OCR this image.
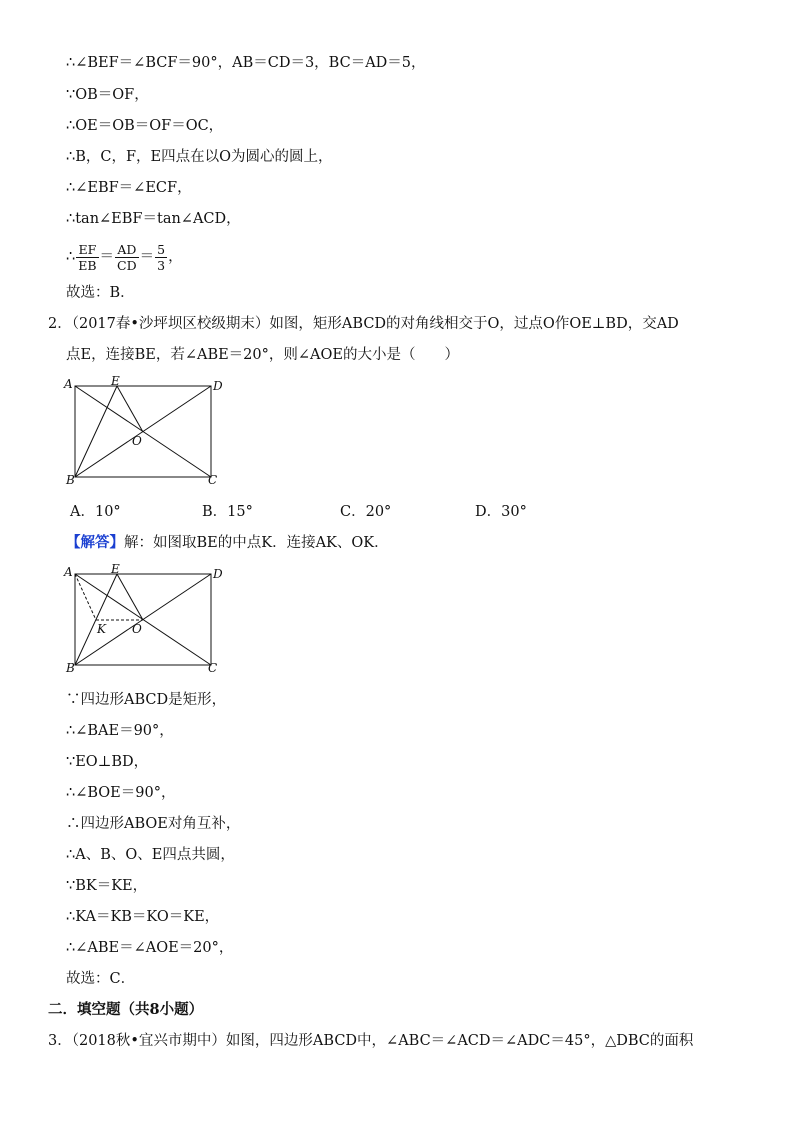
∴∠BEF＝∠BCF＝90°，AB＝CD＝3，BC＝AD＝5，
∵OB＝OF，
∴OE＝OB＝OF＝OC，
∴B，C，F，E四点在以O为圆心的圆上，
∴∠EBF＝∠ECF，
∴tan∠EBF＝tan∠ACD，
∴ $\frac{EF}{EB} = \frac{AD}{CD} = \frac{5}{3}$ ，
故选：B．
2．（2017春•沙坪坝区校级期末）如图，矩形ABCD的对角线相交于O，过点O作OE⊥BD，交AD
点E，连接BE，若∠ABE＝20°，则∠AOE的大小是（　　）
A	E	D
O
B	C
A．10°	B．15°	C．20°	D．30°
【解答】解：如图取BE的中点K．连接AK、OK．
A	E	D
O
K
B	C
∵四边形ABCD是矩形，
∴∠BAE＝90°，
∵EO⊥BD，
∴∠BOE＝90°，
∴四边形ABOE对角互补，
∴A、B、O、E四点共圆，
∵BK＝KE，
∴KA＝KB＝KO＝KE，
∴∠ABE＝∠AOE＝20°，
故选：C．
二．填空题（共8小题）
3．（2018秋•宜兴市期中）如图，四边形ABCD中，∠ABC＝∠ACD＝∠ADC＝45°，△DBC的面积
